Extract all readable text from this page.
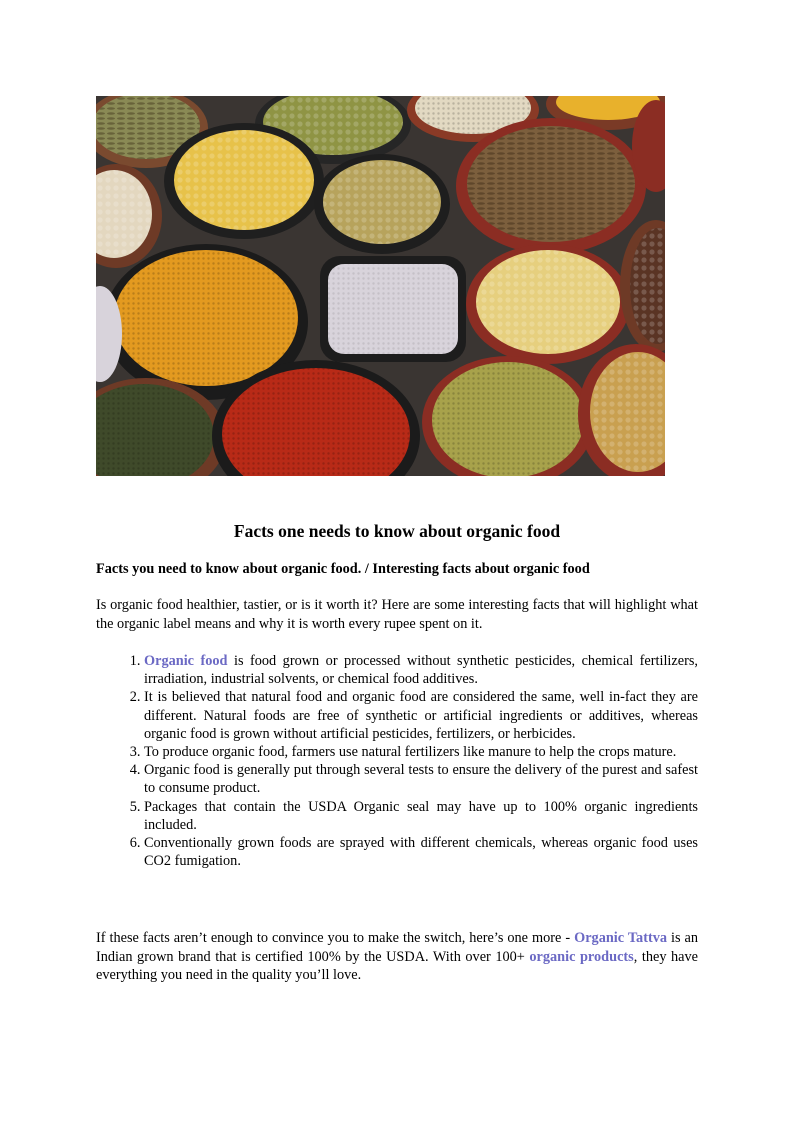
Facts one needs to know about organic food
Facts you need to know about organic food. / Interesting facts about organic food
Is organic food healthier, tastier, or is it worth it? Here are some interesting facts that will highlight what the organic label means and why it is worth every rupee spent on it.
1. Organic food is food grown or processed without synthetic pesticides, chemical fertilizers, irradiation, industrial solvents, or chemical food additives.
2. It is believed that natural food and organic food are considered the same, well in-fact they are different. Natural foods are free of synthetic or artificial ingredients or additives, whereas organic food is grown without artificial pesticides, fertilizers, or herbicides.
3. To produce organic food, farmers use natural fertilizers like manure to help the crops mature.
4. Organic food is generally put through several tests to ensure the delivery of the purest and safest to consume product.
5. Packages that contain the USDA Organic seal may have up to 100% organic ingredients included.
6. Conventionally grown foods are sprayed with different chemicals, whereas organic food uses CO2 fumigation.
If these facts aren’t enough to convince you to make the switch, here’s one more - Organic Tattva is an Indian grown brand that is certified 100% by the USDA. With over 100+ organic products, they have everything you need in the quality you’ll love.
